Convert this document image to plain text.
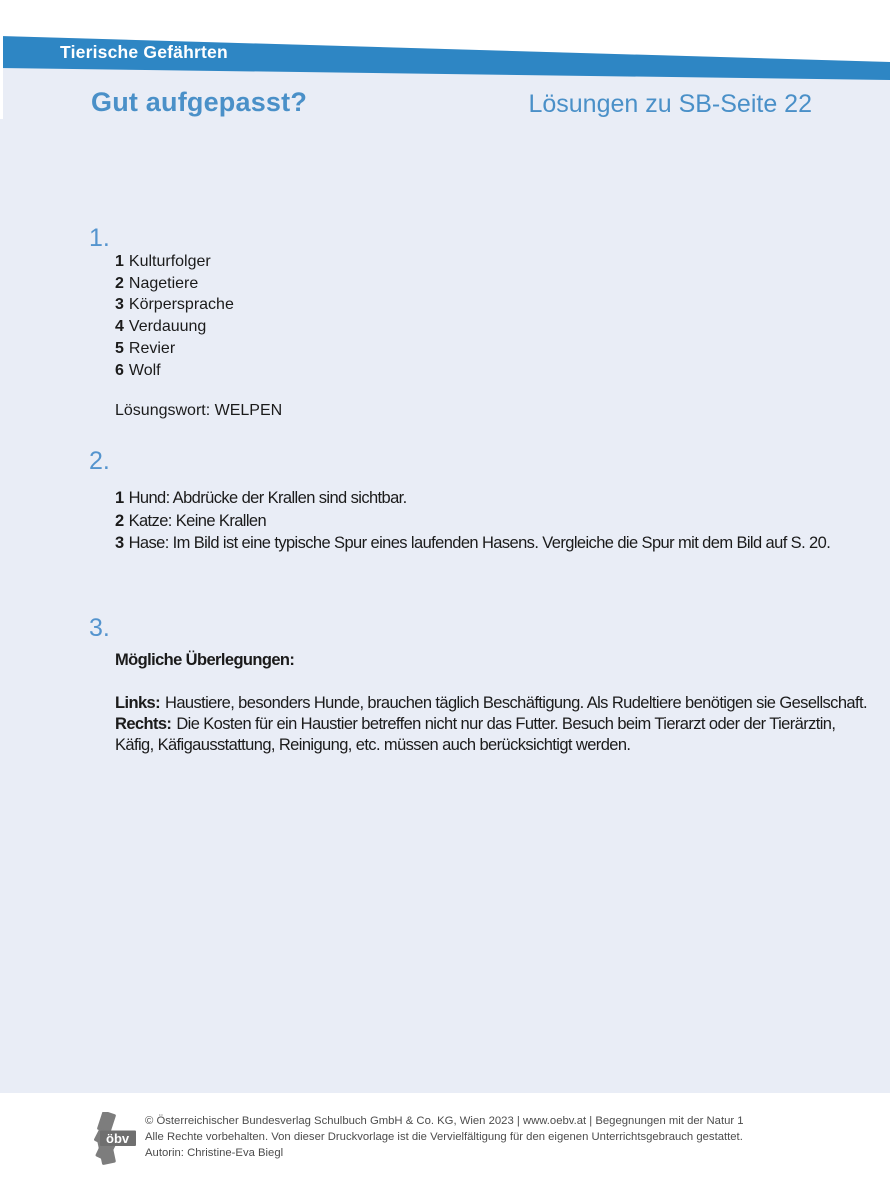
Tierische Gefährten
Gut aufgepasst?	Lösungen zu SB-Seite 22
1.
1 Kulturfolger
2 Nagetiere
3 Körpersprache
4 Verdauung
5 Revier
6 Wolf
Lösungswort: WELPEN
2.
1 Hund: Abdrücke der Krallen sind sichtbar.
2 Katze: Keine Krallen
3 Hase: Im Bild ist eine typische Spur eines laufenden Hasens. Vergleiche die Spur mit dem Bild auf S. 20.
3.
Mögliche Überlegungen:

Links: Haustiere, besonders Hunde, brauchen täglich Beschäftigung. Als Rudeltiere benötigen sie Gesellschaft.

Rechts: Die Kosten für ein Haustier betreffen nicht nur das Futter. Besuch beim Tierarzt oder der Tierärztin, Käfig, Käfigausstattung, Reinigung, etc. müssen auch berücksichtigt werden.

öbv
© Österreichischer Bundesverlag Schulbuch GmbH & Co. KG, Wien 2023 | www.oebv.at | Begegnungen mit der Natur 1
Alle Rechte vorbehalten. Von dieser Druckvorlage ist die Vervielfältigung für den eigenen Unterrichtsgebrauch gestattet.
Autorin: Christine-Eva Biegl
